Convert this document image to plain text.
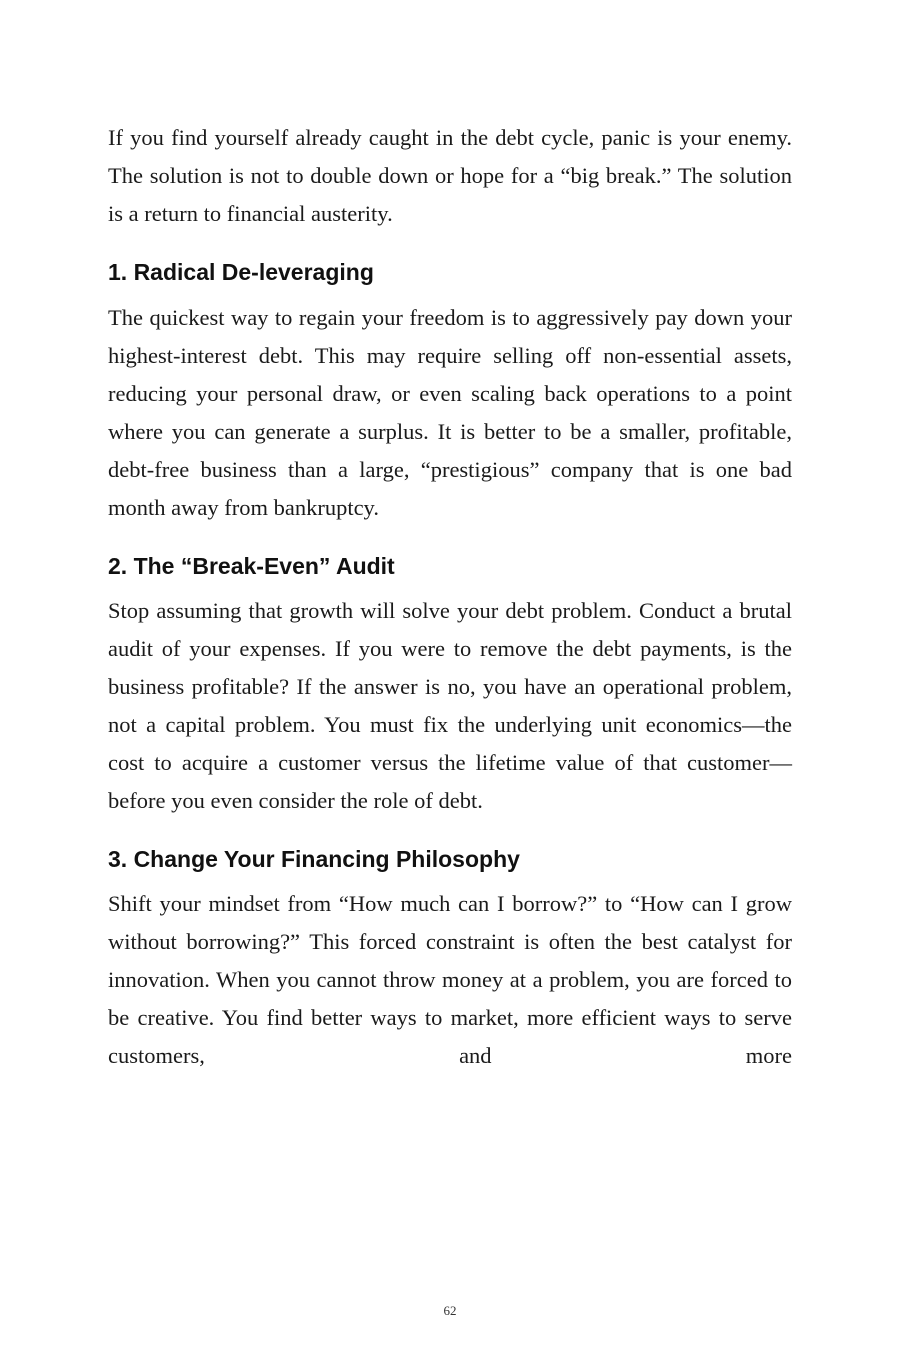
If you find yourself already caught in the debt cycle, panic is your enemy. The solution is not to double down or hope for a “big break.” The solution is a return to financial austerity.

1. Radical De-leveraging

The quickest way to regain your freedom is to aggressively pay down your highest-interest debt. This may require selling off non-essential assets, reducing your personal draw, or even scaling back operations to a point where you can generate a surplus. It is better to be a smaller, profitable, debt-free business than a large, “prestigious” company that is one bad month away from bankruptcy.

2. The “Break-Even” Audit

Stop assuming that growth will solve your debt problem. Conduct a brutal audit of your expenses. If you were to remove the debt payments, is the business profitable? If the answer is no, you have an operational problem, not a capital problem. You must fix the underlying unit economics—the cost to acquire a customer versus the lifetime value of that customer—before you even consider the role of debt.

3. Change Your Financing Philosophy

Shift your mindset from “How much can I borrow?” to “How can I grow without borrowing?” This forced constraint is often the best catalyst for innovation. When you cannot throw money at a problem, you are forced to be creative. You find better ways to market, more efficient ways to serve customers, and more

62
